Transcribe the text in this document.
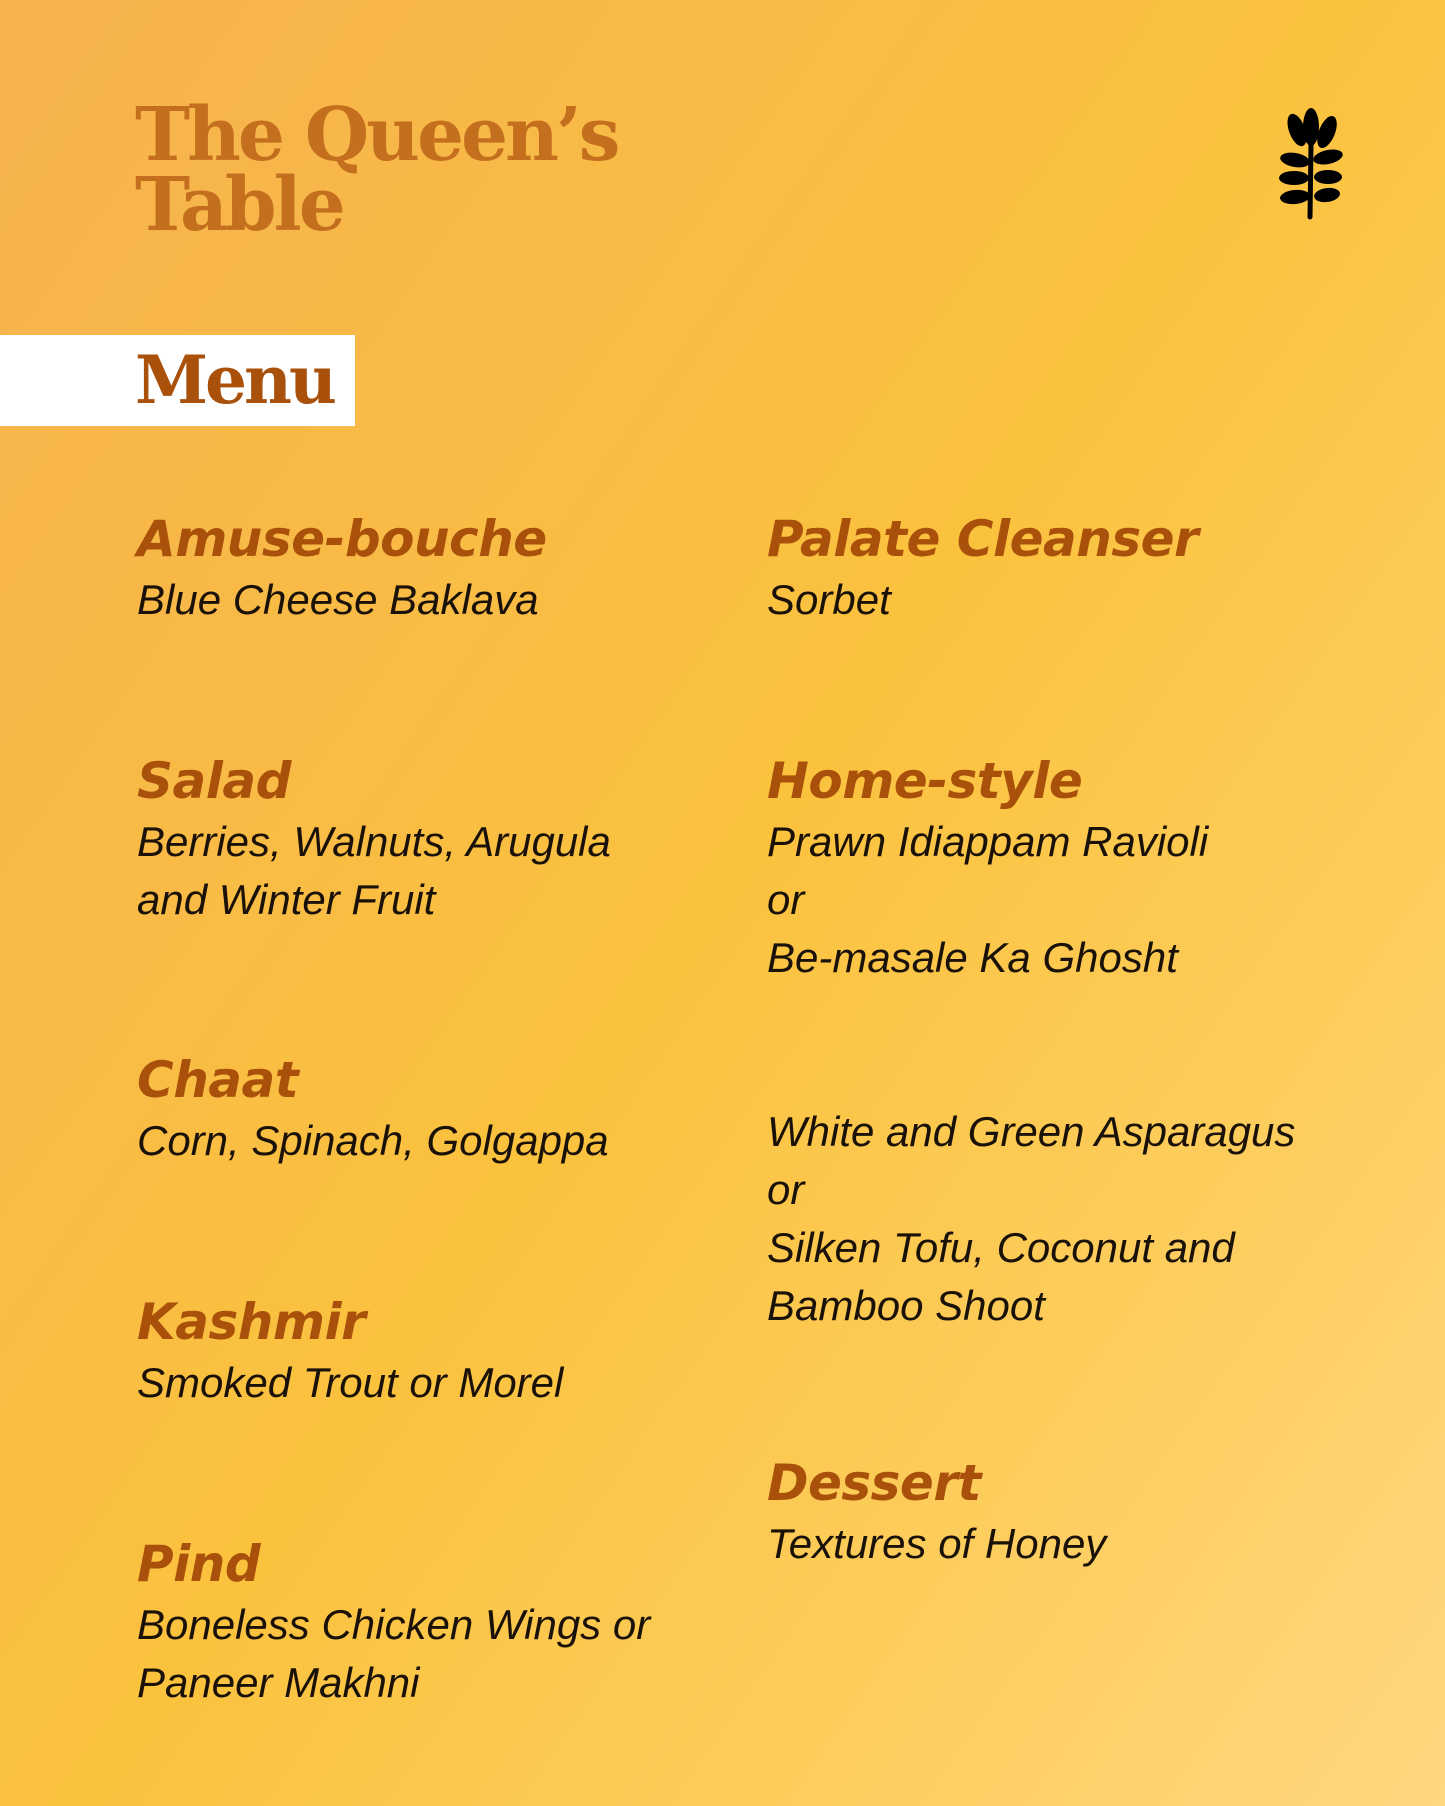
The Queen’s
Table
Menu
Amuse-bouche

Blue Cheese Baklava

Salad

Berries, Walnuts, Arugula

and Winter Fruit

Chaat

Corn, Spinach, Golgappa

Kashmir

Smoked Trout or Morel

Pind

Boneless Chicken Wings or

Paneer Makhni

Palate Cleanser

Sorbet

Home-style

Prawn Idiappam Ravioli

or

Be-masale Ka Ghosht

White and Green Asparagus

or

Silken Tofu, Coconut and

Bamboo Shoot

Dessert

Textures of Honey
